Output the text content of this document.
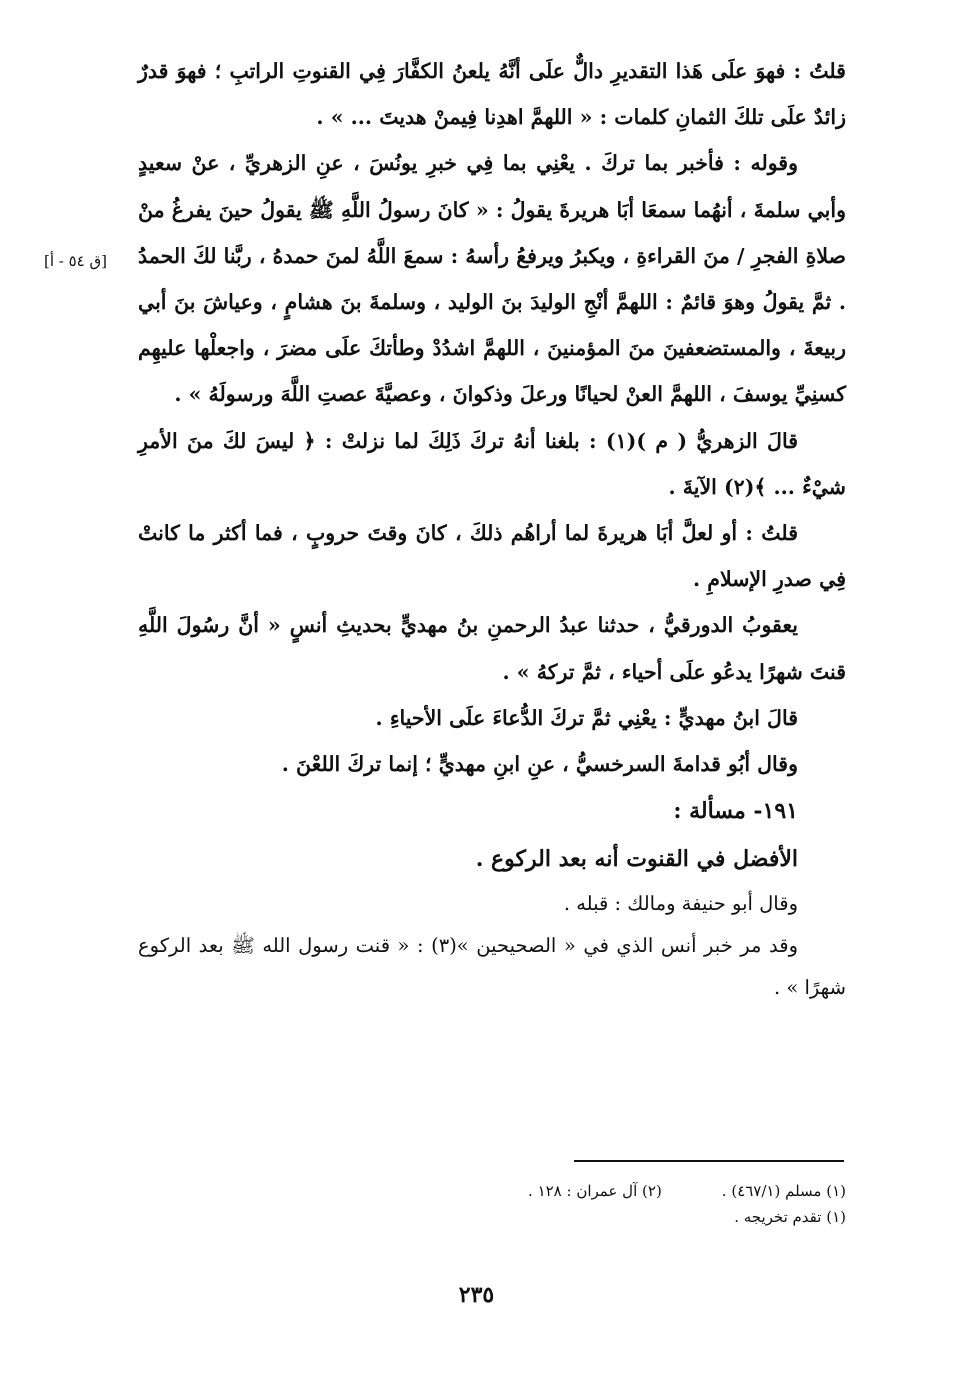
قلتُ : فهوَ علَى هَذا التقديرِ دالٌّ علَى أنَّهُ يلعنُ الكفَّارَ فِي القنوتِ الراتبِ ؛ فهوَ قدرٌ زائدٌ علَى تلكَ الثمانِ كلمات : « اللهمَّ اهدِنا فِيمنْ هديتَ ... » .

وقوله : فأخبر بما تركَ . يعْنِي بما فِي خبرِ يونُسَ ، عنِ الزهريِّ ، عنْ سعيدٍ وأبي سلمةَ ، أنهُما سمعَا أبَا هريرةَ يقولُ : « كانَ رسولُ اللَّهِ ﷺ يقولُ حينَ يفرغُ منْ صلاةِ الفجرِ / منَ القراءةِ ، ويكبرُ ويرفعُ رأسهُ : سمعَ اللَّهُ لمنَ حمدهُ ، ربَّنا لكَ الحمدُ . ثمَّ يقولُ وهوَ قائمٌ : اللهمَّ أنْجِ الوليدَ بنَ الوليد ، وسلمةَ بنَ هشامٍ ، وعياشَ بنَ أبي ربيعةَ ، والمستضعفينَ منَ المؤمنينَ ، اللهمَّ اشدُدْ وطأتكَ علَى مضرَ ، واجعلْها عليهِم كسنِيِّ يوسفَ ، اللهمَّ العنْ لحيانًا ورعلَ وذكوانَ ، وعصيَّةَ عصتِ اللَّهَ ورسولَهُ » .

قالَ الزهريُّ ( م )(١) : بلغنا أنهُ تركَ ذَلِكَ لما نزلتْ : ﴿ ليسَ لكَ منَ الأمرِ شيْءٌ ... ﴾(٢) الآيةَ .

قلتُ : أو لعلَّ أبَا هريرةَ لما أراهُم ذلكَ ، كانَ وقتَ حروبٍ ، فما أكثر ما كانتْ فِي صدرِ الإسلامِ .

يعقوبُ الدورقيُّ ، حدثنا عبدُ الرحمنِ بنُ مهديٍّ بحديثِ أنسٍ « أنَّ رسُولَ اللَّهِ قنتَ شهرًا يدعُو علَى أحياء ، ثمَّ تركهُ » .

قالَ ابنُ مهديٍّ : يعْنِي ثمَّ تركَ الدُّعاءَ علَى الأحياءِ .

وقال أبُو قدامةَ السرخسيُّ ، عنِ ابنِ مهديٍّ ؛ إنما تركَ اللعْنَ .

١٩١- مسألة :

الأفضل في القنوت أنه بعد الركوع .

وقال أبو حنيفة ومالك : قبله .

وقد مر خبر أنس الذي في « الصحيحين »(٣) : « قنت رسول الله ﷺ بعد الركوع شهرًا » .

[ق ٥٤ - أ]
(١) مسلم (٤٦٧/١) .
(٢) آل عمران : ١٢٨ .
(١) تقدم تخريجه .
٢٣٥
